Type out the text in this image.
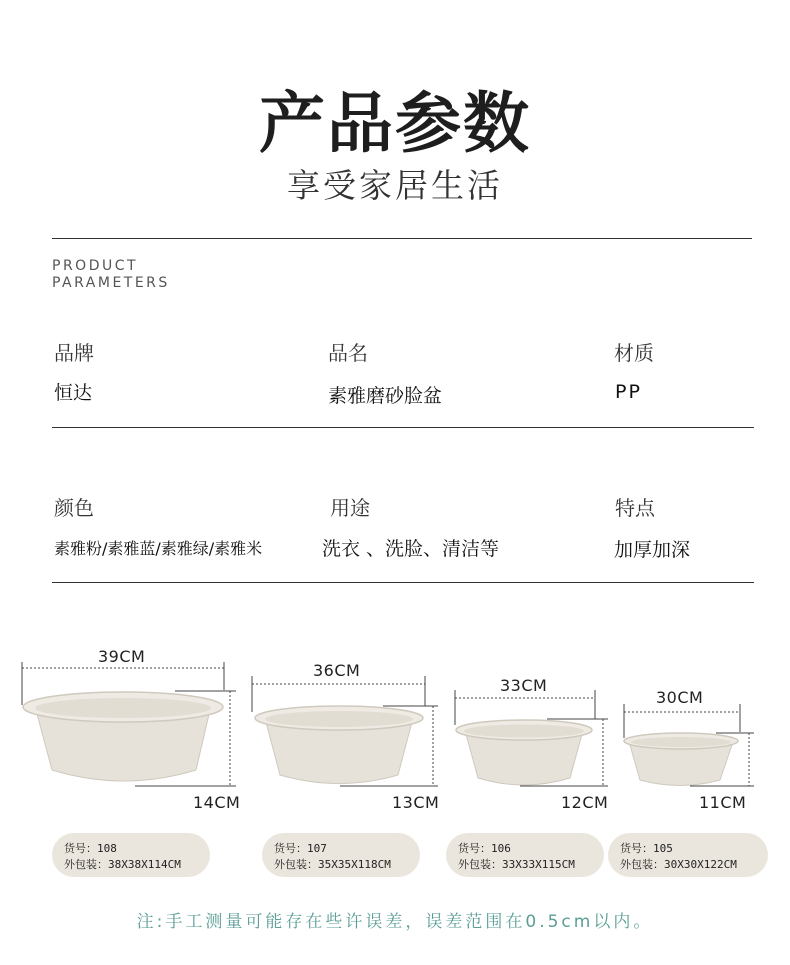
产品参数
享受家居生活
PRODUCT
PARAMETERS
品牌
恒达
品名
素雅磨砂脸盆
材质
PP
颜色
素雅粉/素雅蓝/素雅绿/素雅米
用途
洗衣 、洗脸、清洁等
特点
加厚加深
39CM
14CM
36CM
13CM
33CM
12CM
30CM
11CM
货号：108
外包装：38X38X114CM
货号：107
外包装：35X35X118CM
货号：106
外包装：33X33X115CM
货号：105
外包装：30X30X122CM
注:手工测量可能存在些许误差，误差范围在0.5cm以内。
